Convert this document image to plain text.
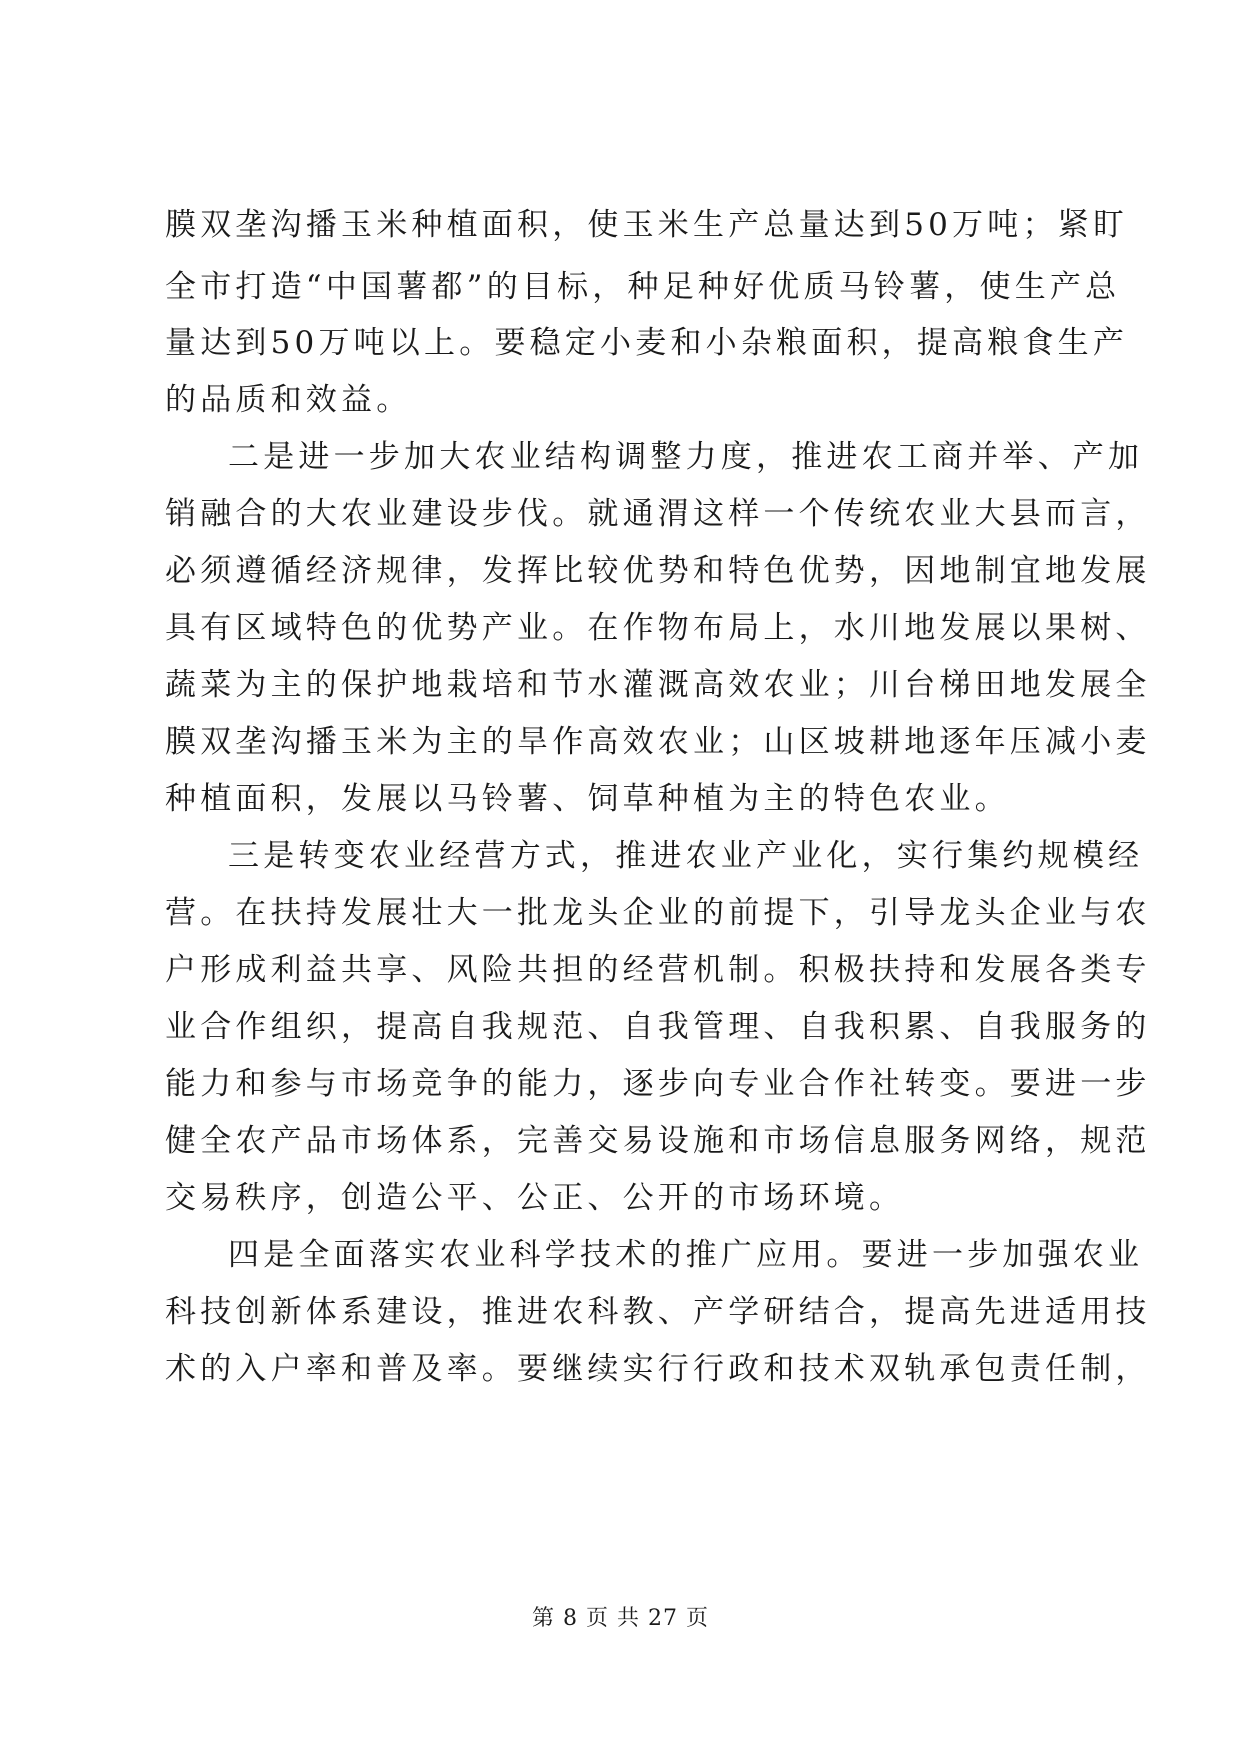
膜双垄沟播玉米种植面积，使玉米生产总量达到50万吨；紧盯
全市打造“中国薯都”的目标，种足种好优质马铃薯，使生产总
量达到50万吨以上。要稳定小麦和小杂粮面积，提高粮食生产
的品质和效益。
二是进一步加大农业结构调整力度，推进农工商并举、产加
销融合的大农业建设步伐。就通渭这样一个传统农业大县而言，
必须遵循经济规律，发挥比较优势和特色优势，因地制宜地发展
具有区域特色的优势产业。在作物布局上，水川地发展以果树、
蔬菜为主的保护地栽培和节水灌溉高效农业；川台梯田地发展全
膜双垄沟播玉米为主的旱作高效农业；山区坡耕地逐年压减小麦
种植面积，发展以马铃薯、饲草种植为主的特色农业。
三是转变农业经营方式，推进农业产业化，实行集约规模经
营。在扶持发展壮大一批龙头企业的前提下，引导龙头企业与农
户形成利益共享、风险共担的经营机制。积极扶持和发展各类专
业合作组织，提高自我规范、自我管理、自我积累、自我服务的
能力和参与市场竞争的能力，逐步向专业合作社转变。要进一步
健全农产品市场体系，完善交易设施和市场信息服务网络，规范
交易秩序，创造公平、公正、公开的市场环境。
四是全面落实农业科学技术的推广应用。要进一步加强农业
科技创新体系建设，推进农科教、产学研结合，提高先进适用技
术的入户率和普及率。要继续实行行政和技术双轨承包责任制，
第 8 页 共 27 页
